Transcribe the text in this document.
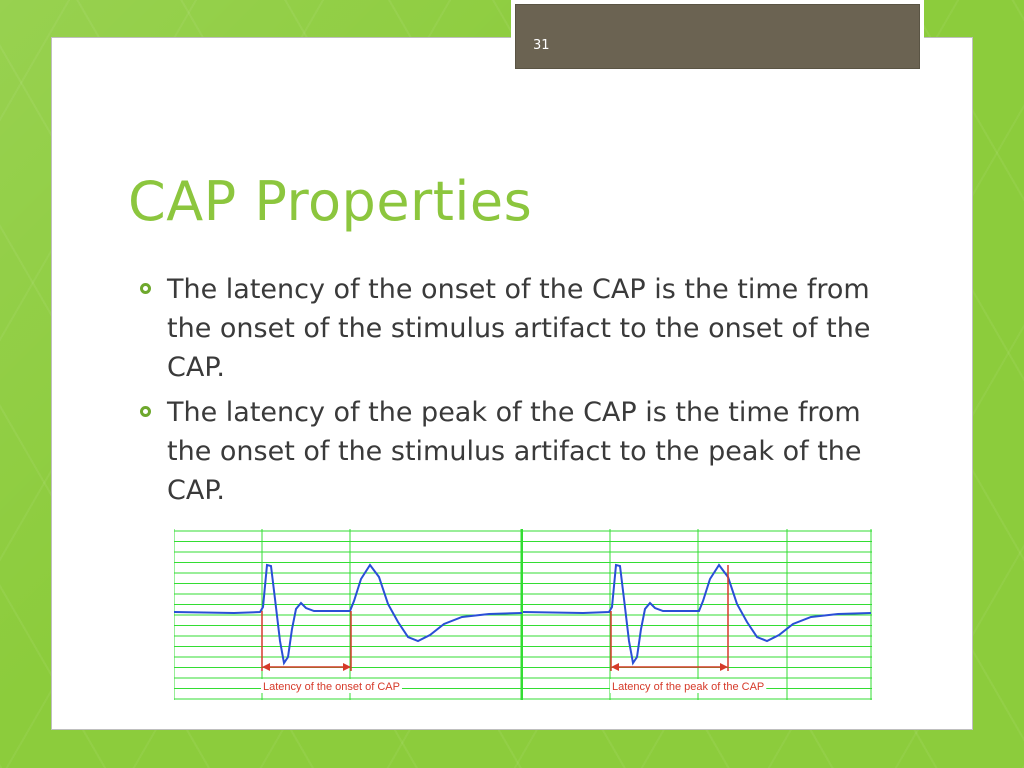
31
CAP Properties
The latency of the onset of the CAP is the time from the onset of the stimulus artifact to the onset of the CAP.
The latency of the peak of the CAP is the time from the onset of the stimulus artifact to the peak of the CAP.
Latency of the onset of CAP	Latency of the peak of the CAP
